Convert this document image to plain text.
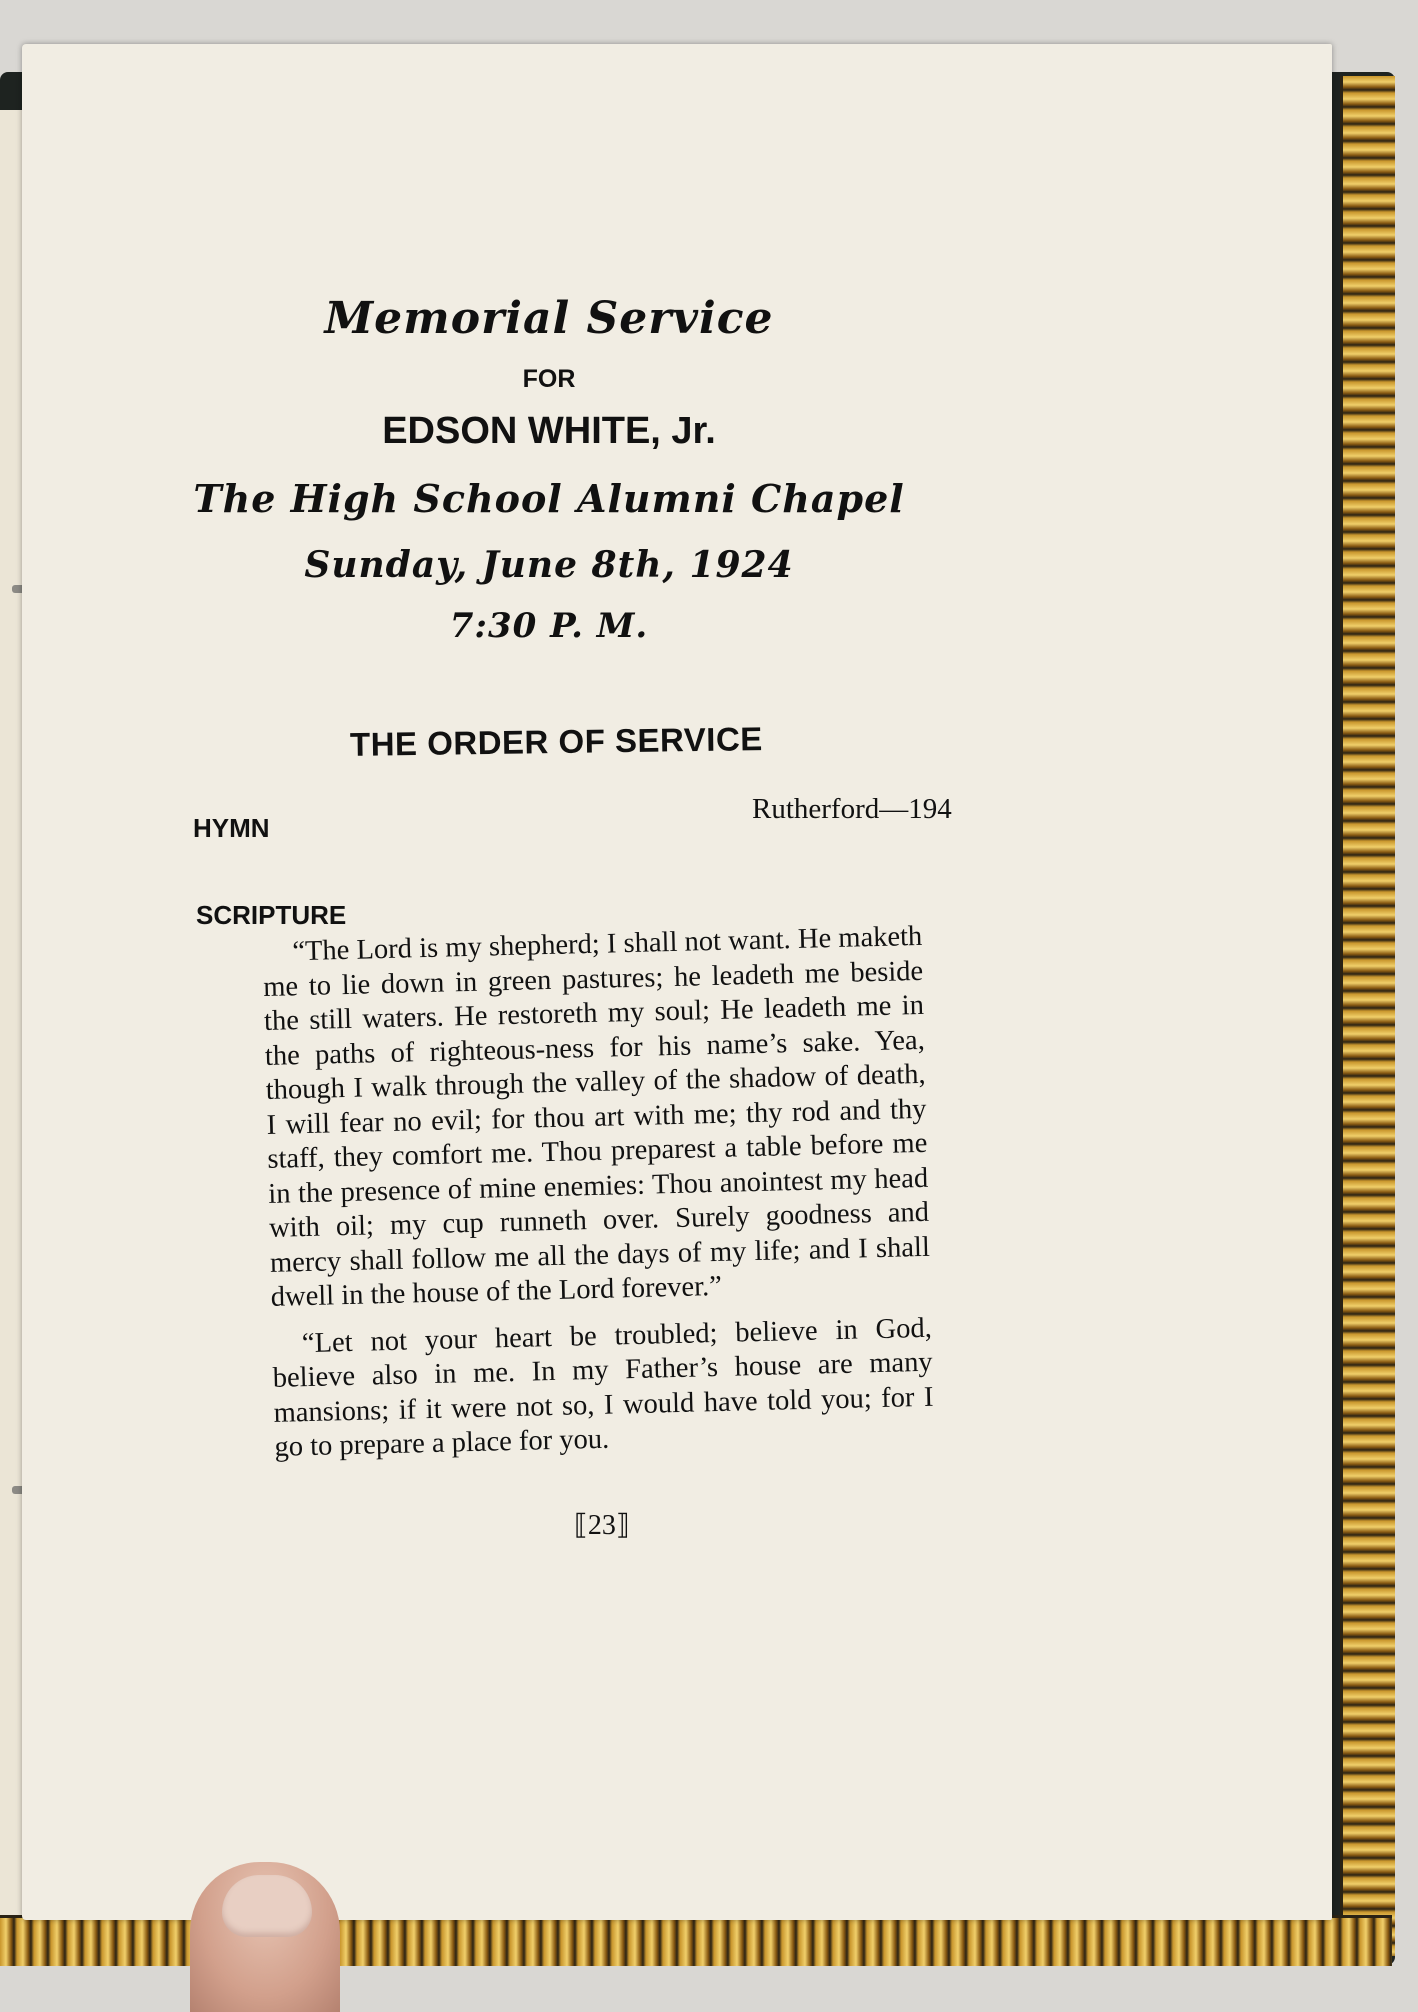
Memorial Service
FOR
EDSON WHITE, Jr.
The High School Alumni Chapel
Sunday, June 8th, 1924
7:30 P. M.
THE ORDER OF SERVICE
HYMN
Rutherford—194
SCRIPTURE

“The Lord is my shepherd; I shall not want. He maketh me to lie down in green pastures; he leadeth me beside the still waters. He restoreth my soul; He leadeth me in the paths of righteous-ness for his name’s sake. Yea, though I walk through the valley of the shadow of death, I will fear no evil; for thou art with me; thy rod and thy staff, they comfort me. Thou preparest a table before me in the presence of mine enemies: Thou anointest my head with oil; my cup runneth over. Surely goodness and mercy shall follow me all the days of my life; and I shall dwell in the house of the Lord forever.”

“Let not your heart be troubled; believe in God, believe also in me. In my Father’s house are many mansions; if it were not so, I would have told you; for I go to prepare a place for you.

⟦23⟧
